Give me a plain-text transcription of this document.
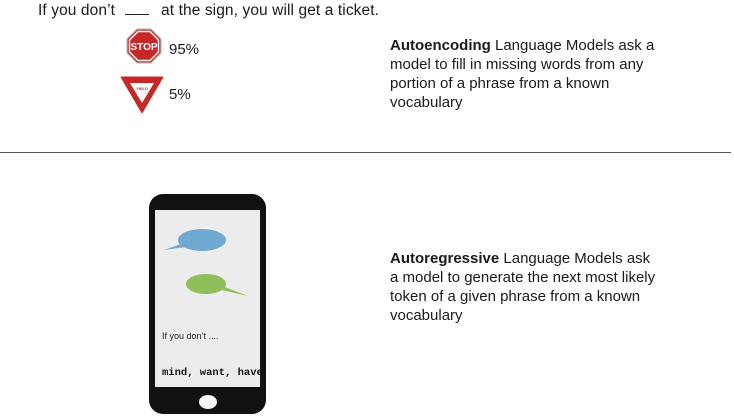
If you don’t	at the sign, you will get a ticket.
STOP 95%
YIELD 5%
Autoencoding Language Models ask a model to fill in missing words from any portion of a phrase from a known vocabulary
If you don’t ....
mind, want, have
Autoregressive Language Models ask a model to generate the next most likely token of a given phrase from a known vocabulary
